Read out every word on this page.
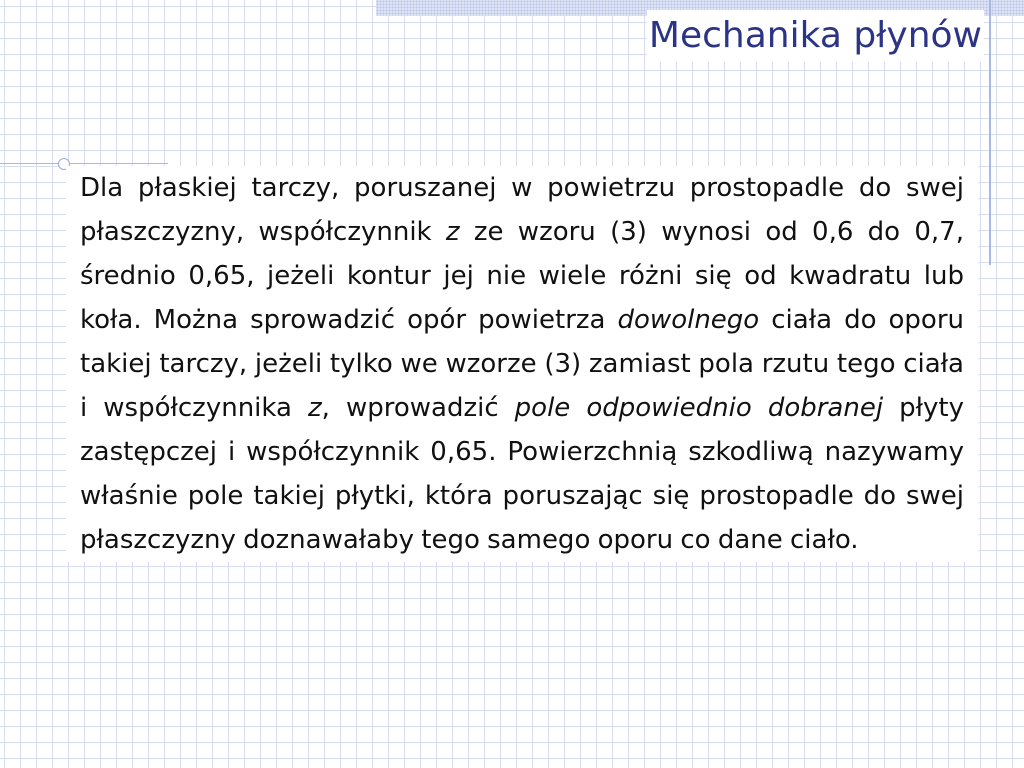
Mechanika płynów

Dla płaskiej tarczy, poruszanej w powietrzu prostopadle do swej płaszczyzny, współczynnik z ze wzoru (3) wynosi od 0,6 do 0,7, średnio 0,65, jeżeli kontur jej nie wiele różni się od kwadratu lub koła. Można sprowadzić opór powietrza dowolnego ciała do oporu takiej tarczy, jeżeli tylko we wzorze (3) zamiast pola rzutu tego ciała i współczynnika z, wprowadzić pole odpowiednio dobranej płyty zastępczej i współczynnik 0,65. Powierzchnią szkodliwą nazywamy właśnie pole takiej płytki, która poruszając się prostopadle do swej płaszczyzny doznawałaby tego samego oporu co dane ciało.
